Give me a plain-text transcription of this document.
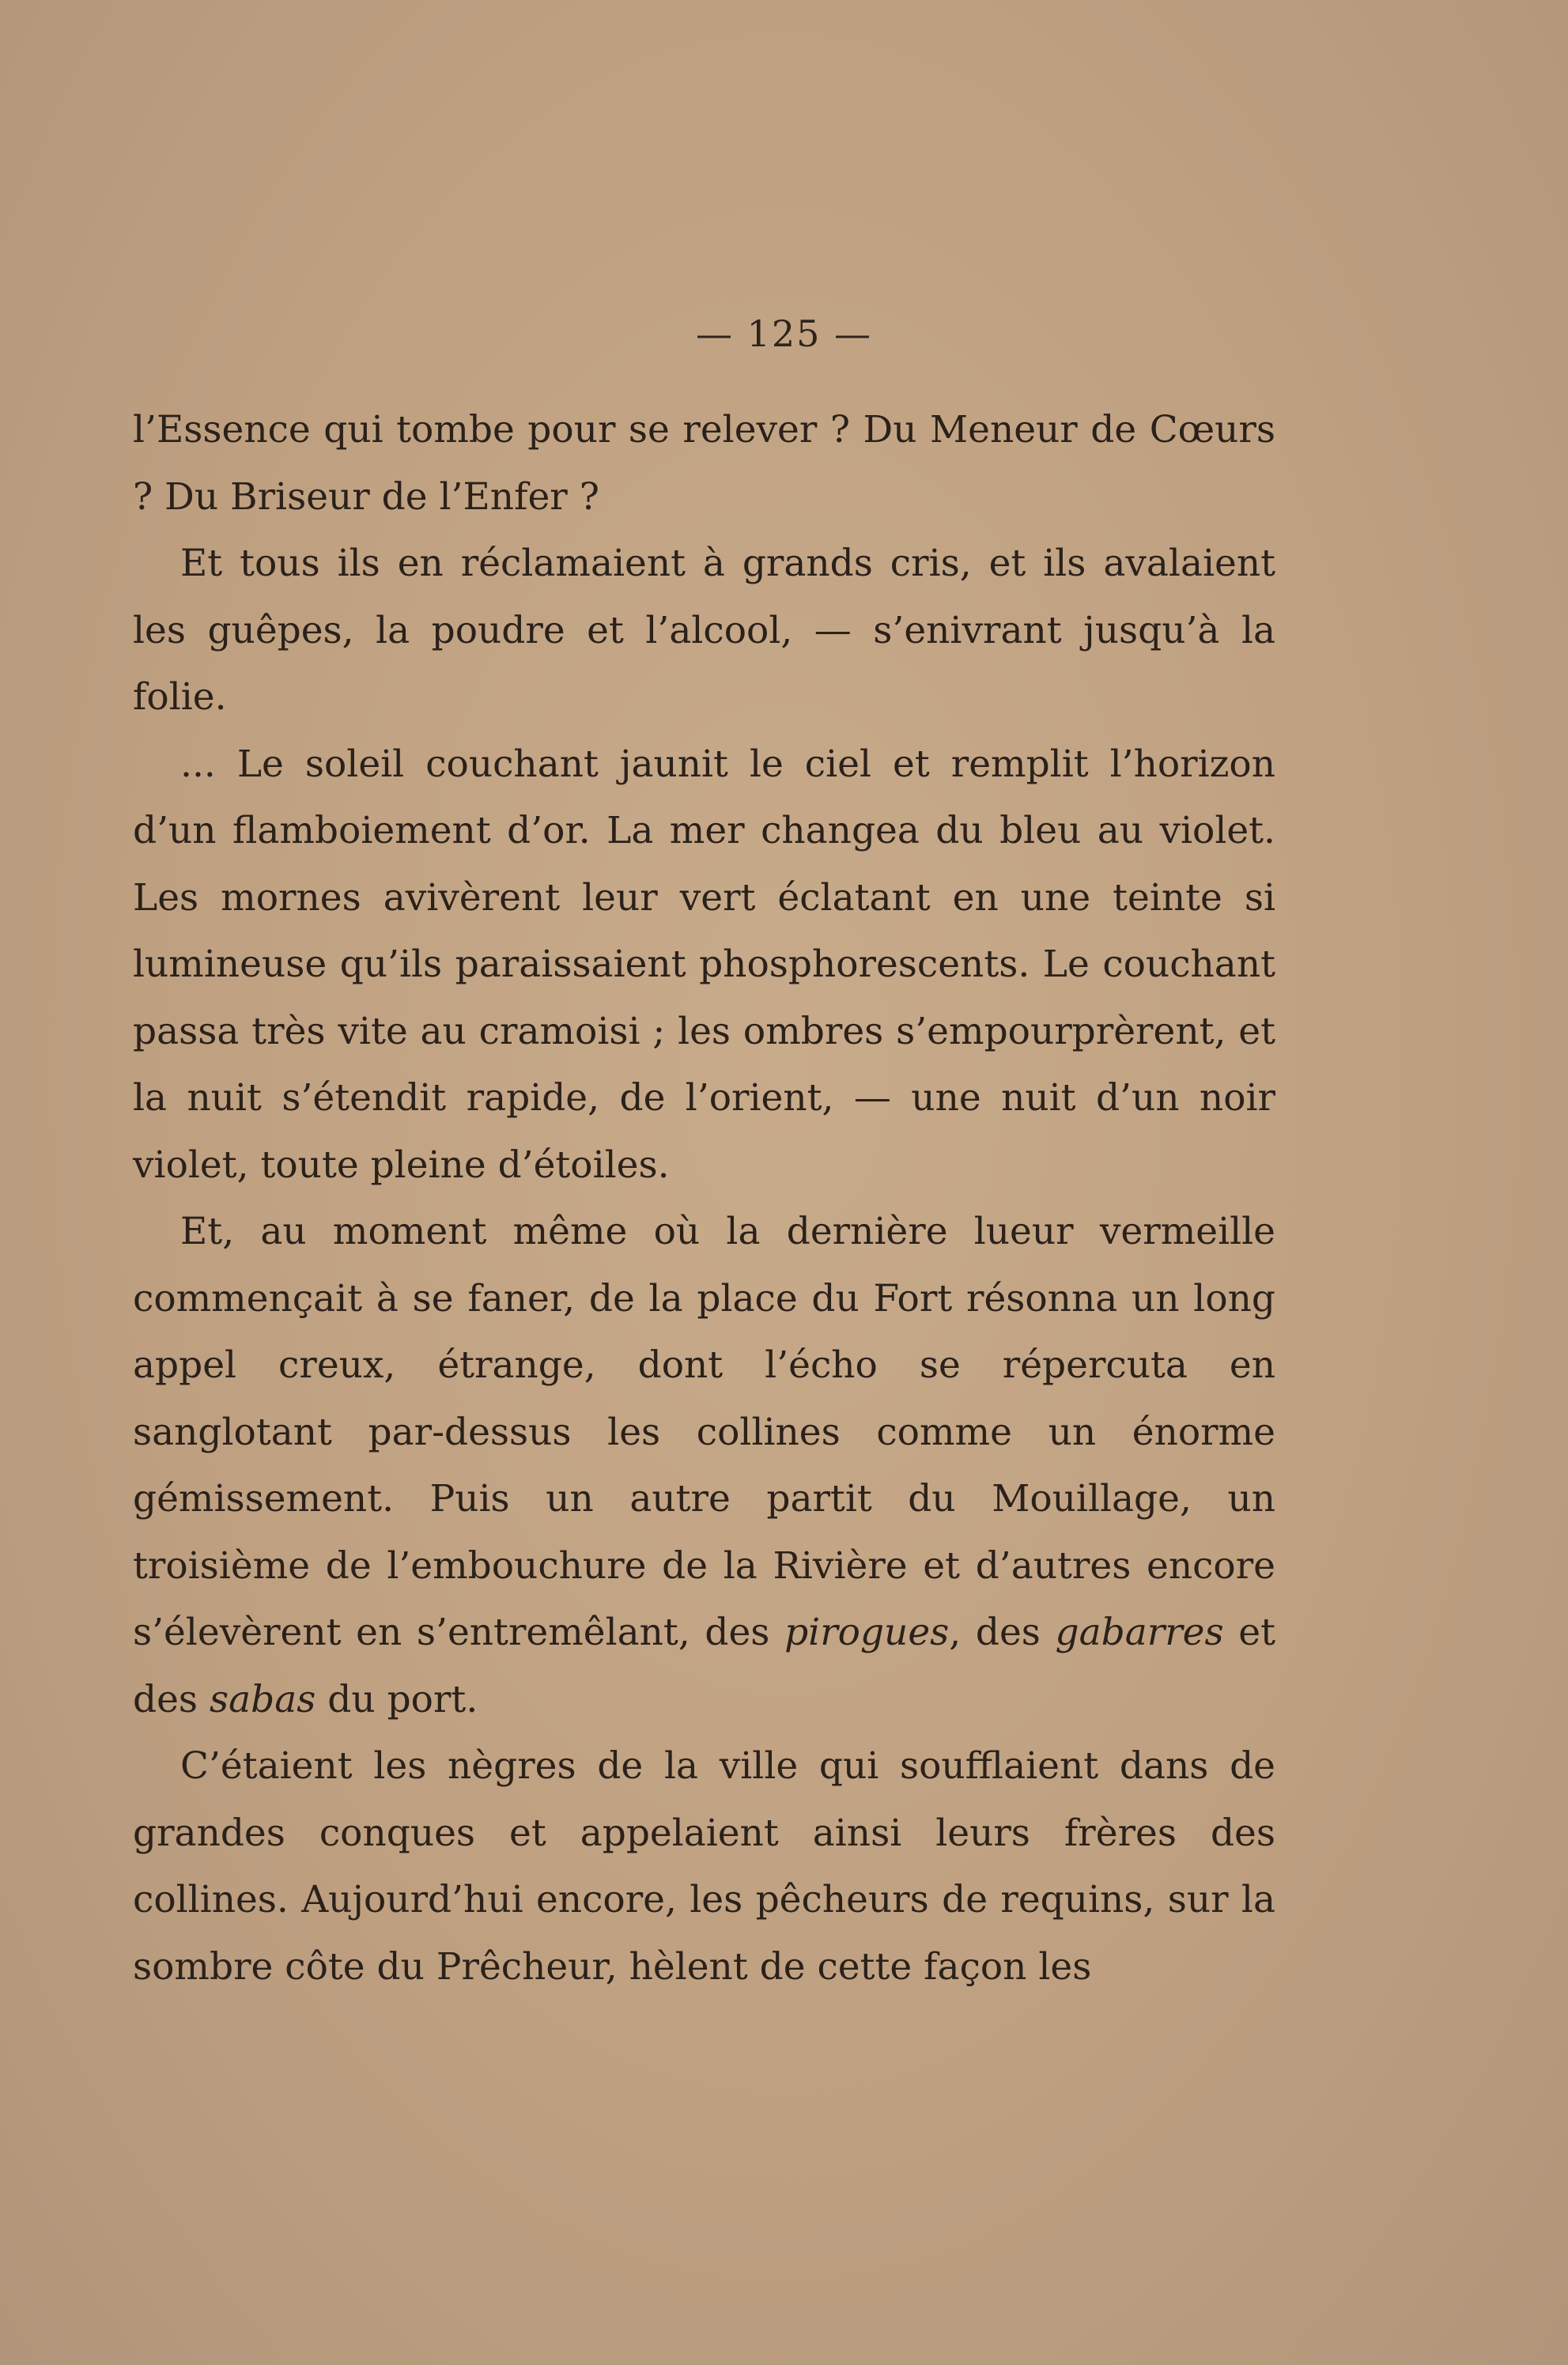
— 125 —

l’Essence qui tombe pour se relever ? Du Meneur de Cœurs ? Du Briseur de l’Enfer ?

Et tous ils en réclamaient à grands cris, et ils avalaient les guêpes, la poudre et l’alcool, — s’enivrant jusqu’à la folie.

... Le soleil couchant jaunit le ciel et remplit l’horizon d’un flamboiement d’or. La mer changea du bleu au violet. Les mornes avivèrent leur vert éclatant en une teinte si lumineuse qu’ils paraissaient phosphorescents. Le couchant passa très vite au cramoisi ; les ombres s’empourprèrent, et la nuit s’étendit rapide, de l’orient, — une nuit d’un noir violet, toute pleine d’étoiles.

Et, au moment même où la dernière lueur vermeille commençait à se faner, de la place du Fort résonna un long appel creux, étrange, dont l’écho se répercuta en sanglotant par-dessus les collines comme un énorme gémissement. Puis un autre partit du Mouillage, un troisième de l’embouchure de la Rivière et d’autres encore s’élevèrent en s’entremêlant, des pirogues, des gabarres et des sabas du port.

C’étaient les nègres de la ville qui soufflaient dans de grandes conques et appelaient ainsi leurs frères des collines. Aujourd’hui encore, les pêcheurs de requins, sur la sombre côte du Prêcheur, hèlent de cette façon les
